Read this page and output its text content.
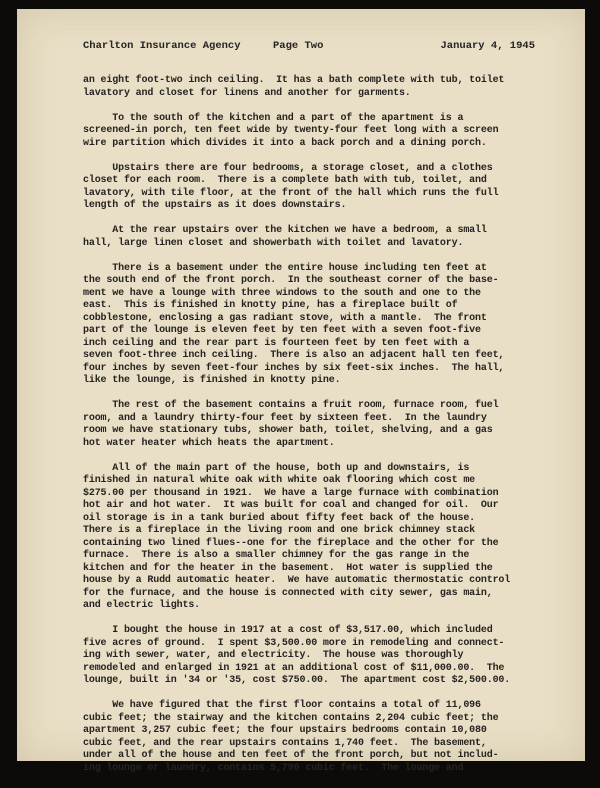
Charlton Insurance Agency	Page Two	January 4, 1945

an eight foot-two inch ceiling.  It has a bath complete with tub, toilet
lavatory and closet for linens and another for garments.

To the south of the kitchen and a part of the apartment is a
screened-in porch, ten feet wide by twenty-four feet long with a screen
wire partition which divides it into a back porch and a dining porch.

Upstairs there are four bedrooms, a storage closet, and a clothes
closet for each room.  There is a complete bath with tub, toilet, and
lavatory, with tile floor, at the front of the hall which runs the full
length of the upstairs as it does downstairs.

At the rear upstairs over the kitchen we have a bedroom, a small
hall, large linen closet and showerbath with toilet and lavatory.

There is a basement under the entire house including ten feet at
the south end of the front porch.  In the southeast corner of the base-
ment we have a lounge with three windows to the south and one to the
east.  This is finished in knotty pine, has a fireplace built of
cobblestone, enclosing a gas radiant stove, with a mantle.  The front
part of the lounge is eleven feet by ten feet with a seven foot-five
inch ceiling and the rear part is fourteen feet by ten feet with a
seven foot-three inch ceiling.  There is also an adjacent hall ten feet,
four inches by seven feet-four inches by six feet-six inches.  The hall,
like the lounge, is finished in knotty pine.

The rest of the basement contains a fruit room, furnace room, fuel
room, and a laundry thirty-four feet by sixteen feet.  In the laundry
room we have stationary tubs, shower bath, toilet, shelving, and a gas
hot water heater which heats the apartment.

All of the main part of the house, both up and downstairs, is
finished in natural white oak with white oak flooring which cost me
$275.00 per thousand in 1921.  We have a large furnace with combination
hot air and hot water.  It was built for coal and changed for oil.  Our
oil storage is in a tank buried about fifty feet back of the house.
There is a fireplace in the living room and one brick chimney stack
containing two lined flues--one for the fireplace and the other for the
furnace.  There is also a smaller chimney for the gas range in the
kitchen and for the heater in the basement.  Hot water is supplied the
house by a Rudd automatic heater.  We have automatic thermostatic control
for the furnace, and the house is connected with city sewer, gas main,
and electric lights.

I bought the house in 1917 at a cost of $3,517.00, which included
five acres of ground.  I spent $3,500.00 more in remodeling and connect-
ing with sewer, water, and electricity.  The house was thoroughly
remodeled and enlarged in 1921 at an additional cost of $11,000.00.  The
lounge, built in '34 or '35, cost $750.00.  The apartment cost $2,500.00.

We have figured that the first floor contains a total of 11,096
cubic feet; the stairway and the kitchen contains 2,204 cubic feet; the
apartment 3,257 cubic feet; the four upstairs bedrooms contain 10,080
cubic feet, and the rear upstairs contains 1,740 feet.  The basement,
under all of the house and ten feet of the front porch, but not includ-
ing lounge or laundry, contains 5,796 cubic feet.  The lounge and
